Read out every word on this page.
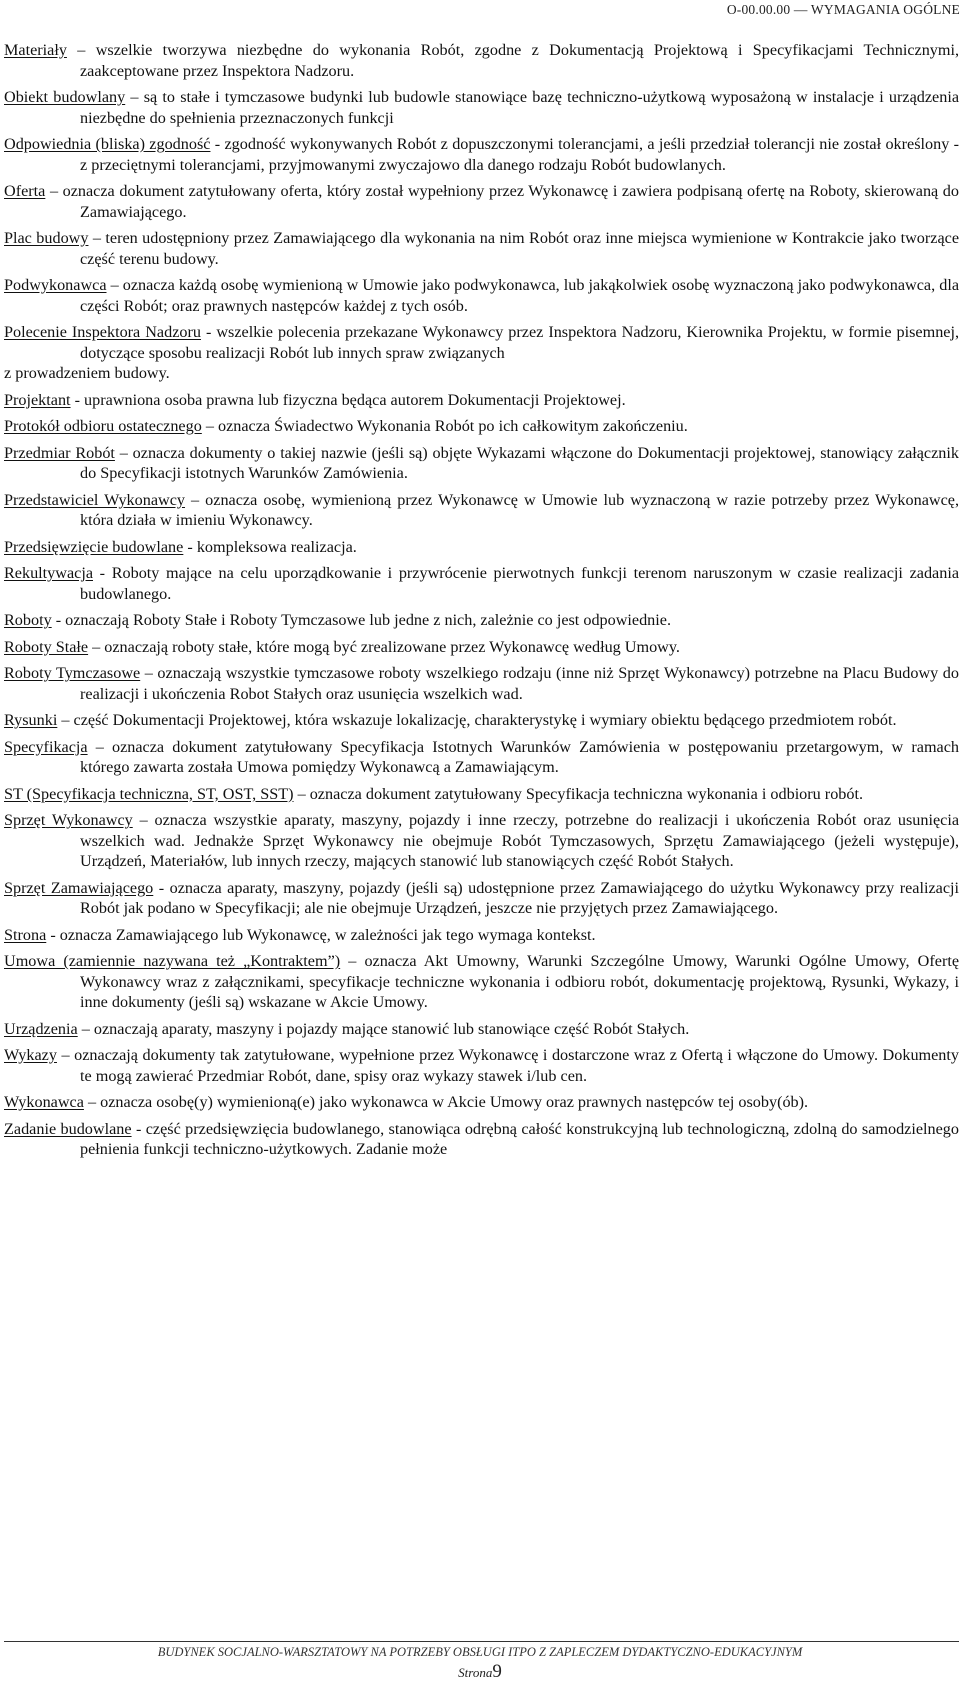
O-00.00.00 — WYMAGANIA OGÓLNE

Materiały – wszelkie tworzywa niezbędne do wykonania Robót, zgodne z Dokumentacją Projektową i Specyfikacjami Technicznymi, zaakceptowane przez Inspektora Nadzoru.

Obiekt budowlany – są to stałe i tymczasowe budynki lub budowle stanowiące bazę techniczno-użytkową wyposażoną w instalacje i urządzenia niezbędne do spełnienia przeznaczonych funkcji

Odpowiednia (bliska) zgodność - zgodność wykonywanych Robót z dopuszczonymi tolerancjami, a jeśli przedział tolerancji nie został określony - z przeciętnymi tolerancjami, przyjmowanymi zwyczajowo dla danego rodzaju Robót budowlanych.

Oferta – oznacza dokument zatytułowany oferta, który został wypełniony przez Wykonawcę i zawiera podpisaną ofertę na Roboty, skierowaną do Zamawiającego.

Plac budowy – teren udostępniony przez Zamawiającego dla wykonania na nim Robót oraz inne miejsca wymienione w Kontrakcie jako tworzące część terenu budowy.

Podwykonawca – oznacza każdą osobę wymienioną w Umowie jako podwykonawca, lub jakąkolwiek osobę wyznaczoną jako podwykonawca, dla części Robót; oraz prawnych następców każdej z tych osób.

Polecenie Inspektora Nadzoru - wszelkie polecenia przekazane Wykonawcy przez Inspektora Nadzoru, Kierownika Projektu, w formie pisemnej, dotyczące sposobu realizacji Robót lub innych spraw związanych
z prowadzeniem budowy.

Projektant - uprawniona osoba prawna lub fizyczna będąca autorem Dokumentacji Projektowej.

Protokół odbioru ostatecznego – oznacza Świadectwo Wykonania Robót po ich całkowitym zakończeniu.

Przedmiar Robót – oznacza dokumenty o takiej nazwie (jeśli są) objęte Wykazami włączone do Dokumentacji projektowej, stanowiący załącznik do Specyfikacji istotnych Warunków Zamówienia.

Przedstawiciel Wykonawcy – oznacza osobę, wymienioną przez Wykonawcę w Umowie lub wyznaczoną w razie potrzeby przez Wykonawcę, która działa w imieniu Wykonawcy.

Przedsięwzięcie budowlane - kompleksowa realizacja.

Rekultywacja - Roboty mające na celu uporządkowanie i przywrócenie pierwotnych funkcji terenom naruszonym w czasie realizacji zadania budowlanego.

Roboty - oznaczają Roboty Stałe i Roboty Tymczasowe lub jedne z nich, zależnie co jest odpowiednie.

Roboty Stałe – oznaczają roboty stałe, które mogą być zrealizowane przez Wykonawcę według Umowy.

Roboty Tymczasowe – oznaczają wszystkie tymczasowe roboty wszelkiego rodzaju (inne niż Sprzęt Wykonawcy) potrzebne na Placu Budowy do realizacji i ukończenia Robot Stałych oraz usunięcia wszelkich wad.

Rysunki – część Dokumentacji Projektowej, która wskazuje lokalizację, charakterystykę i wymiary obiektu będącego przedmiotem robót.

Specyfikacja – oznacza dokument zatytułowany Specyfikacja Istotnych Warunków Zamówienia w postępowaniu przetargowym, w ramach którego zawarta została Umowa pomiędzy Wykonawcą a Zamawiającym.

ST (Specyfikacja techniczna, ST, OST, SST) – oznacza dokument zatytułowany Specyfikacja techniczna wykonania i odbioru robót.

Sprzęt Wykonawcy – oznacza wszystkie aparaty, maszyny, pojazdy i inne rzeczy, potrzebne do realizacji i ukończenia Robót oraz usunięcia wszelkich wad. Jednakże Sprzęt Wykonawcy nie obejmuje Robót Tymczasowych, Sprzętu Zamawiającego (jeżeli występuje), Urządzeń, Materiałów, lub innych rzeczy, mających stanowić lub stanowiących część Robót Stałych.

Sprzęt Zamawiającego - oznacza aparaty, maszyny, pojazdy (jeśli są) udostępnione przez Zamawiającego do użytku Wykonawcy przy realizacji Robót jak podano w Specyfikacji; ale nie obejmuje Urządzeń, jeszcze nie przyjętych przez Zamawiającego.

Strona - oznacza Zamawiającego lub Wykonawcę, w zależności jak tego wymaga kontekst.

Umowa (zamiennie nazywana też „Kontraktem”) – oznacza Akt Umowny, Warunki Szczególne Umowy, Warunki Ogólne Umowy, Ofertę Wykonawcy wraz z załącznikami, specyfikacje techniczne wykonania i odbioru robót, dokumentację projektową, Rysunki, Wykazy, i inne dokumenty (jeśli są) wskazane w Akcie Umowy.

Urządzenia – oznaczają aparaty, maszyny i pojazdy mające stanowić lub stanowiące część Robót Stałych.

Wykazy – oznaczają dokumenty tak zatytułowane, wypełnione przez Wykonawcę i dostarczone wraz z Ofertą i włączone do Umowy. Dokumenty te mogą zawierać Przedmiar Robót, dane, spisy oraz wykazy stawek i/lub cen.

Wykonawca – oznacza osobę(y) wymienioną(e) jako wykonawca w Akcie Umowy oraz prawnych następców tej osoby(ób).

Zadanie budowlane - część przedsięwzięcia budowlanego, stanowiąca odrębną całość konstrukcyjną lub technologiczną, zdolną do samodzielnego pełnienia funkcji techniczno-użytkowych. Zadanie może

BUDYNEK SOCJALNO-WARSZTATOWY NA POTRZEBY OBSŁUGI ITPO Z ZAPLECZEM DYDAKTYCZNO-EDUKACYJNYM
Strona9
